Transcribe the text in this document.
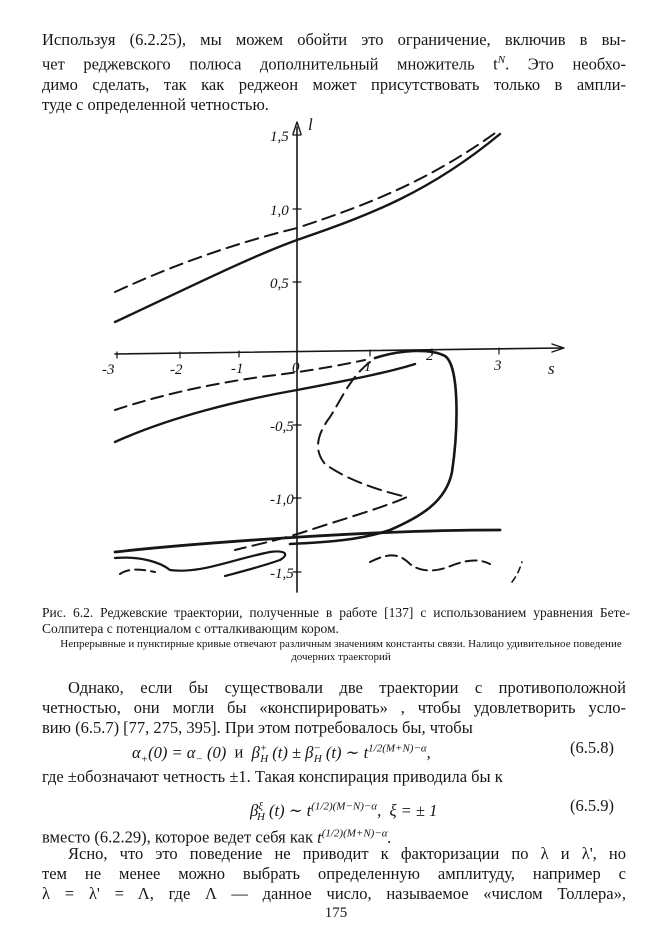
Используя (6.2.25), мы можем обойти это ограничение, включив в вы-
чет реджевского полюса дополнительный множитель $t^N$. Это необхо-
димо сделать, так как реджеон может присутствовать только в ампли-
туде с определенной четностью.
l
s
-3	-2	-1	0	1
2
3
1,5
1,0
0,5
-0,5
-1,0
-1,5

Рис. 6.2. Реджевские траектории, полученные в работе [137] с использованием уравнения Бете-Солпитера с потенциалом с отталкивающим кором.

Непрерывные и пунктирные кривые отвечают различным значениям константы связи. Налицо удивительное поведение дочерних траекторий

Однако, если бы существовали две траектории с противоположной
четностью, они могли бы «конспирировать» , чтобы удовлетворить усло-
вию (6.5.7) [77, 275, 395]. При этом потребовалось бы, чтобы
$\alpha_+(0) = \alpha_-$ (0)  и  $\beta^+_H$ $(t) \pm \beta^-_H$ (t) ∼ $t^{1/2(M+N)-\alpha}$,	(6.5.8)
где ±обозначают четность ±1. Такая конспирация приводила бы к
$\beta^\xi_H$ (t) ∼ $t^{(1/2)(M-N)-\alpha}$,  ξ = ± 1	(6.5.9)
вместо (6.2.29), которое ведет себя как $t^{(1/2)(M+N)-\alpha}$.
Ясно, что это поведение не приводит к факторизации по λ и λ', но
тем не менее можно выбрать определенную амплитуду, например с
λ = λ' = Λ, где Λ — данное число, называемое «числом Толлера»,
175
